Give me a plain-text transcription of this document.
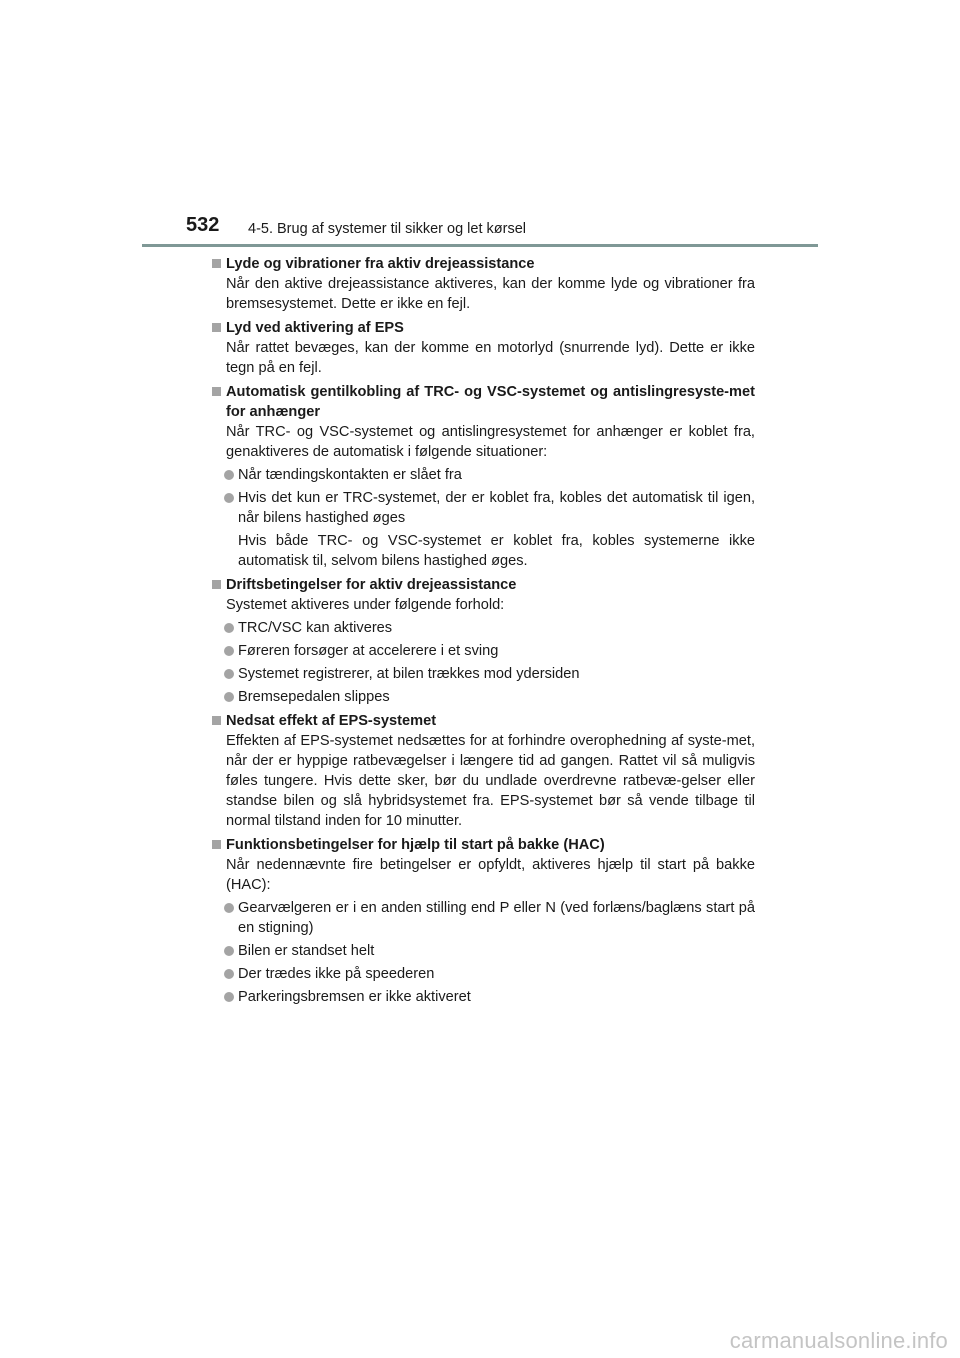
532 4-5. Brug af systemer til sikker og let kørsel
Lyde og vibrationer fra aktiv drejeassistance
Når den aktive drejeassistance aktiveres, kan der komme lyde og vibrationer fra bremsesystemet. Dette er ikke en fejl.
Lyd ved aktivering af EPS
Når rattet bevæges, kan der komme en motorlyd (snurrende lyd). Dette er ikke tegn på en fejl.
Automatisk gentilkobling af TRC- og VSC-systemet og antislingresyste-met for anhænger
Når TRC- og VSC-systemet og antislingresystemet for anhænger er koblet fra, genaktiveres de automatisk i følgende situationer:
Når tændingskontakten er slået fra
Hvis det kun er TRC-systemet, der er koblet fra, kobles det automatisk til igen, når bilens hastighed øges
Hvis både TRC- og VSC-systemet er koblet fra, kobles systemerne ikke automatisk til, selvom bilens hastighed øges.
Driftsbetingelser for aktiv drejeassistance
Systemet aktiveres under følgende forhold:
TRC/VSC kan aktiveres
Føreren forsøger at accelerere i et sving
Systemet registrerer, at bilen trækkes mod ydersiden
Bremsepedalen slippes
Nedsat effekt af EPS-systemet
Effekten af EPS-systemet nedsættes for at forhindre overophedning af syste-met, når der er hyppige ratbevægelser i længere tid ad gangen. Rattet vil så muligvis føles tungere. Hvis dette sker, bør du undlade overdrevne ratbevæ-gelser eller standse bilen og slå hybridsystemet fra. EPS-systemet bør så vende tilbage til normal tilstand inden for 10 minutter.
Funktionsbetingelser for hjælp til start på bakke (HAC)
Når nedennævnte fire betingelser er opfyldt, aktiveres hjælp til start på bakke (HAC):
Gearvælgeren er i en anden stilling end P eller N (ved forlæns/baglæns start på en stigning)
Bilen er standset helt
Der trædes ikke på speederen
Parkeringsbremsen er ikke aktiveret
carmanualsonline.info
